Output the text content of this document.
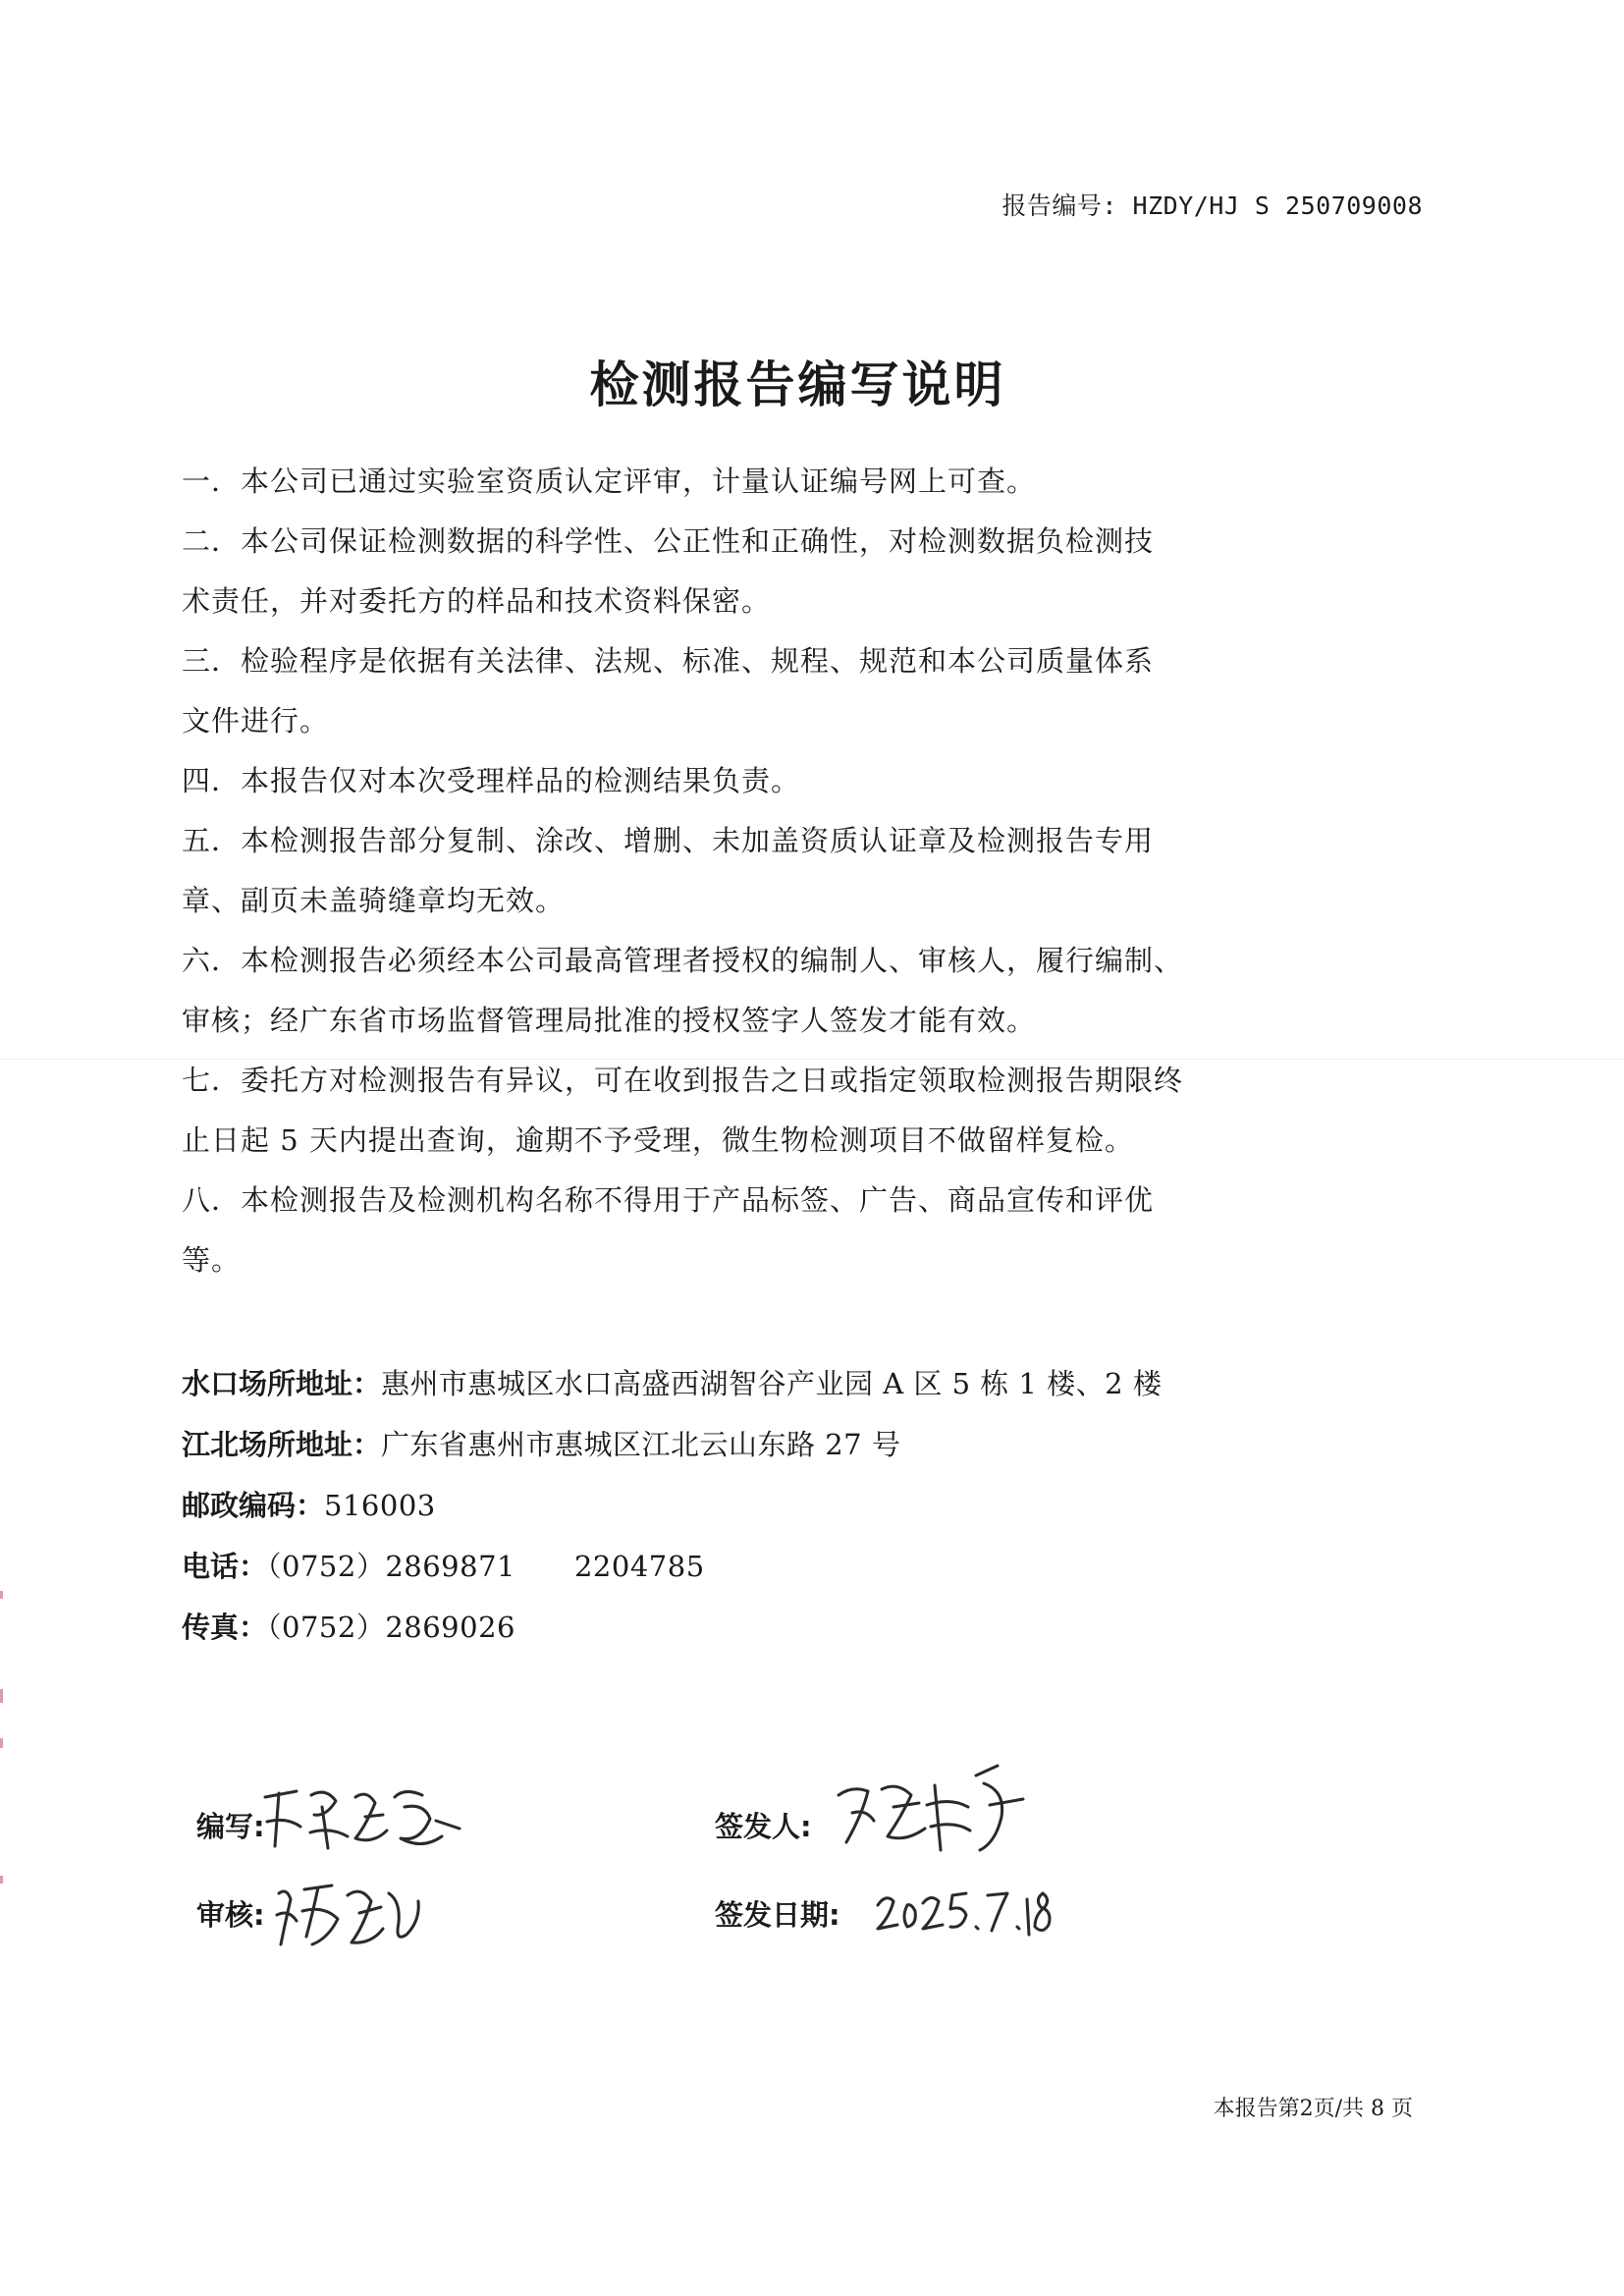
报告编号: HZDY/HJ S 250709008
检测报告编写说明
一．本公司已通过实验室资质认定评审，计量认证编号网上可查。
二．本公司保证检测数据的科学性、公正性和正确性，对检测数据负检测技
术责任，并对委托方的样品和技术资料保密。
三．检验程序是依据有关法律、法规、标准、规程、规范和本公司质量体系
文件进行。
四．本报告仅对本次受理样品的检测结果负责。
五．本检测报告部分复制、涂改、增删、未加盖资质认证章及检测报告专用
章、副页未盖骑缝章均无效。
六．本检测报告必须经本公司最高管理者授权的编制人、审核人，履行编制、
审核；经广东省市场监督管理局批准的授权签字人签发才能有效。
七．委托方对检测报告有异议，可在收到报告之日或指定领取检测报告期限终
止日起 5 天内提出查询，逾期不予受理，微生物检测项目不做留样复检。
八．本检测报告及检测机构名称不得用于产品标签、广告、商品宣传和评优
等。
水口场所地址：惠州市惠城区水口高盛西湖智谷产业园 A 区 5 栋 1 楼、2 楼
江北场所地址：广东省惠州市惠城区江北云山东路 27 号
邮政编码：516003
电话：（0752）2869871 2204785
传真：（0752）2869026
编写:
审核:
签发人:
签发日期:
本报告第2页/共 8 页
